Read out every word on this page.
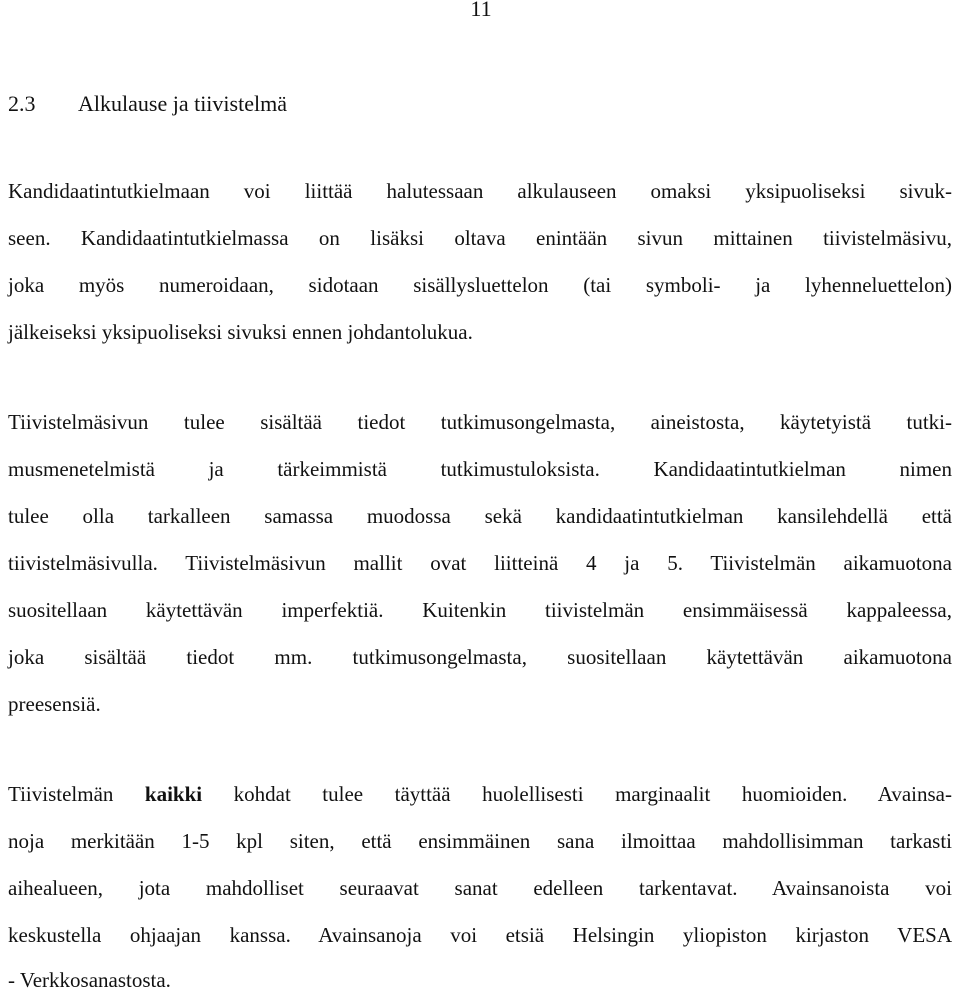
11
2.3 Alkulause ja tiivistelmä

Kandidaatintutkielmaan voi liittää halutessaan alkulauseen omaksi yksipuoliseksi sivuk-

seen. Kandidaatintutkielmassa on lisäksi oltava enintään sivun mittainen tiivistelmäsivu,

joka myös numeroidaan, sidotaan sisällysluettelon (tai symboli- ja lyhenneluettelon)

jälkeiseksi yksipuoliseksi sivuksi ennen johdantolukua.

Tiivistelmäsivun tulee sisältää tiedot tutkimusongelmasta, aineistosta, käytetyistä tutki-

musmenetelmistä ja tärkeimmistä tutkimustuloksista. Kandidaatintutkielman nimen

tulee olla tarkalleen samassa muodossa sekä kandidaatintutkielman kansilehdellä että

tiivistelmäsivulla. Tiivistelmäsivun mallit ovat liitteinä 4 ja 5. Tiivistelmän aikamuotona

suositellaan käytettävän imperfektiä. Kuitenkin tiivistelmän ensimmäisessä kappaleessa,

joka sisältää tiedot mm. tutkimusongelmasta, suositellaan käytettävän aikamuotona

preesensiä.

Tiivistelmän kaikki kohdat tulee täyttää huolellisesti marginaalit huomioiden. Avainsa-

noja merkitään 1-5 kpl siten, että ensimmäinen sana ilmoittaa mahdollisimman tarkasti

aihealueen, jota mahdolliset seuraavat sanat edelleen tarkentavat. Avainsanoista voi

keskustella ohjaajan kanssa. Avainsanoja voi etsiä Helsingin yliopiston kirjaston VESA

- Verkkosanastosta.
